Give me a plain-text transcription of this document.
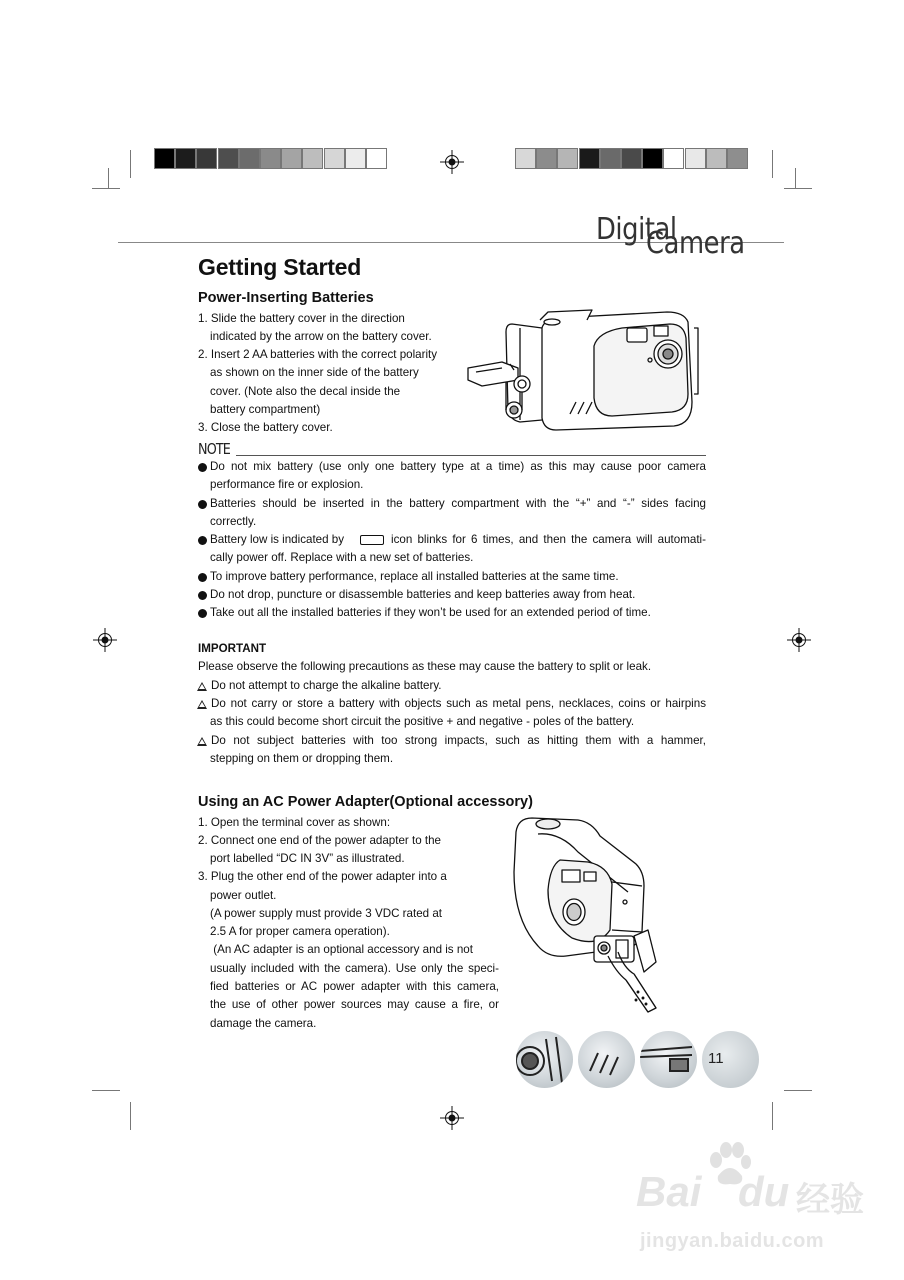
Digital
Camera
Getting Started
Power-Inserting Batteries
1. Slide the battery cover in the direction
indicated by the arrow on the battery cover.
2. Insert 2 AA batteries with the correct polarity
as shown on the inner side of the battery
cover. (Note also the decal inside the
battery compartment)
3. Close the battery cover.
NOTE
Do not mix battery (use only one battery type at a time) as this may cause poor camera
performance fire or explosion.
Batteries should be inserted in the battery compartment with the “+” and “-” sides facing
correctly.
Battery low is indicated by	icon blinks for 6 times, and then the camera will automati-
cally power off. Replace with a new set of batteries.
To improve battery performance, replace all installed batteries at the same time.
Do not drop, puncture or disassemble batteries and keep batteries away from heat.
Take out all the installed batteries if they won’t be used for an extended period of time.
IMPORTANT
Please observe the following precautions as these may cause the battery to split or leak.
Do not attempt to charge the alkaline battery.
Do not carry or store a battery with objects such as metal pens, necklaces, coins or hairpins
as this could become short circuit the positive + and negative - poles of the battery.
Do not subject batteries with too strong impacts, such as hitting them with a hammer,
stepping on them or dropping them.
Using an AC Power Adapter(Optional accessory)
1. Open the terminal cover as shown:
2. Connect one end of the power adapter to the
port labelled “DC IN 3V” as illustrated.
3. Plug the other end of the power adapter into a
power outlet.
(A power supply must provide 3 VDC rated at
2.5 A for proper camera operation).
(An AC adapter is an optional accessory and is not
usually included with the camera). Use only the speci-
fied batteries or AC power adapter with this camera,
the use of other power sources may cause a fire, or
damage the camera.
11
Bai du 经验
jingyan.baidu.com
